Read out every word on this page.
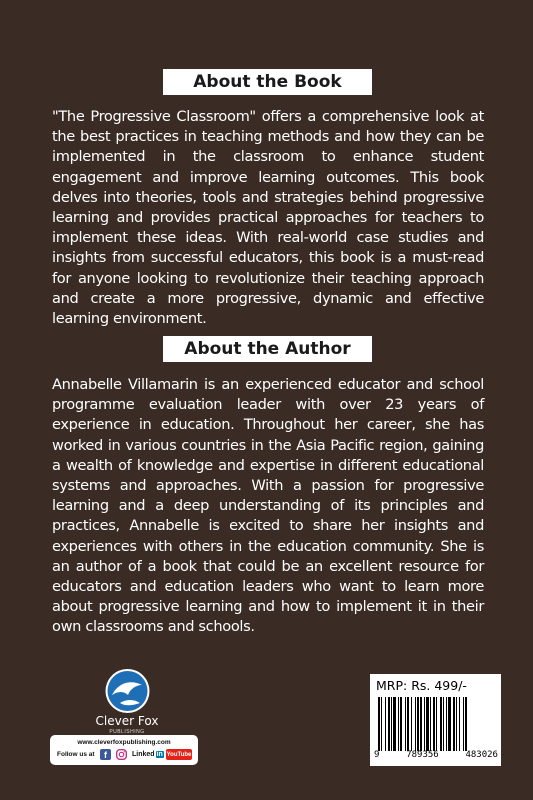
About the Book

"The Progressive Classroom" offers a comprehensive look at the best practices in teaching methods and how they can be implemented in the classroom to enhance student engagement and improve learning outcomes. This book delves into theories, tools and strategies behind progressive learning and provides practical approaches for teachers to implement these ideas. With real-world case studies and insights from successful educators, this book is a must-read for anyone looking to revolutionize their teaching approach and create a more progressive, dynamic and effective learning environment.

About the Author

Annabelle Villamarin is an experienced educator and school programme evaluation leader with over 23 years of experience in education. Throughout her career, she has worked in various countries in the Asia Pacific region, gaining a wealth of knowledge and expertise in different educational systems and approaches. With a passion for progressive learning and a deep understanding of its principles and practices, Annabelle is excited to share her insights and experiences with others in the education community. She is an author of a book that could be an excellent resource for educators and education leaders who want to learn more about progressive learning and how to implement it in their own classrooms and schools.

Clever Fox
PUBLISHING
www.cleverfoxpublishing.com
Follow us at f	Linked in YouTube
MRP: Rs. 499/-
9	789356	483026
